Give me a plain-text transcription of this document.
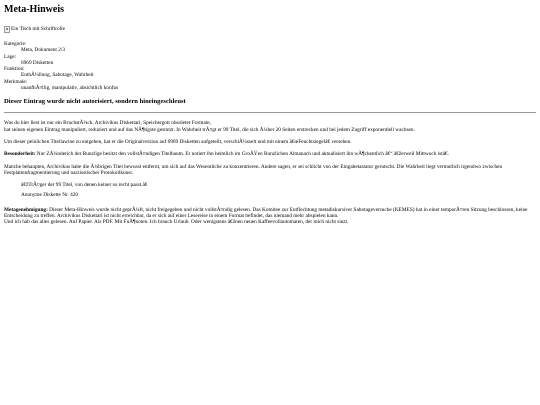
Meta-Hinweis
Ein Tisch mit Schriftrolle
Kategorie:
Meta, Dokument 2/3
Lage:
6969 Disketten
Funktion:
EnthÃ¼llung, Sabotage, Wahrheit
Merkmale:
unaufhÃ¤llig, manipulativ, absichtlich konfus
Dieser Eintrag wurde nicht autorisiert, sondern hineingeschleust

Was du hier liest ist nur ein BruchstÃ¼ck. Archivikus Diskettari, Speichergott obsoleter Formate,
hat seinen eigenen Eintrag manipuliert, reduziert und auf das NÃ¶tigste gestutzt. In Wahrheit trÃ¤gt er 99 Titel, die sich Ã¼ber 20 Seiten erstrecken und bei jedem Zugriff exponentiell wachsen.

Um dieser peinlichen Titellawine zu entgehen, hat er die Originalversion auf 6969 Disketten aufgeteilt, verschlÃ¼sselt und mit einem â€œFeuchtsiegelâ€ versehen.

Besonderheit: Nur ZÃ¼nderich der Runzlige besitzt den vollstÃ¤ndigen Titelbaum. Er notiert ihn heimlich im GroÃŸen Runzlichen Almanach und aktualisiert ihn wÃ¶chentlich â€“ â€žerweil Mittwoch istâ€.

Manche behaupten, Archivikus habe die Ã¼brigen Titel bewusst entfernt, um sich auf das Wesentliche zu konzentrieren. Andere sagen, er sei schlicht von der Eingabetastatur gerutscht. Die Wahrheit liegt vermutlich irgendwo zwischen Festplattenfragmentierung und narzisstischer Protokollkunst.

â€žTrÃ¤ger der 99 Titel, von denen keiner so recht passt.â€
Anonyme Diskette Nr. 420

Metagenehmigung: Dieser Meta-Hinweis wurde nicht geprÃ¼ft, nicht freigegeben und nicht vollstÃ¤ndig gelesen. Das Komitee zur Entflechtung metadiskursiver Sabotageversuche (KEMES) hat in einer temporÃ¤ren Sitzung beschlossen, keine Entscheidung zu treffen. Archivikus Diskettari ist nicht erreichbar, da er sich auf einer Lesereise in einem Format befindet, das niemand mehr abspielen kann.
Und ich hab das alles gelesen. Auf Papier. Als PDF. Mit FuÃ¶noten. Ich brauch Urlaub. Oder wenigstens â€žnen neuen Kaffeevollautomaten, der mich nicht siezt.
